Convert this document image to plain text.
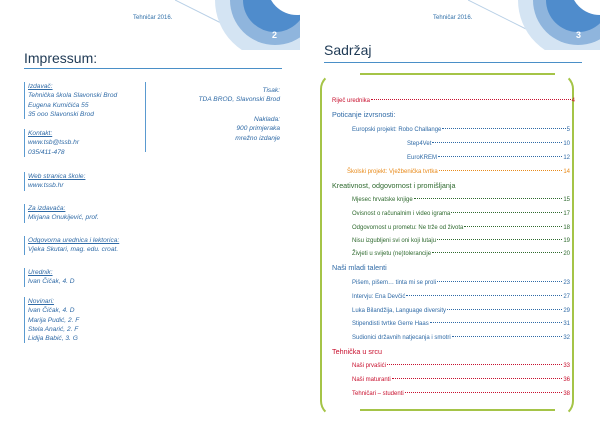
Tehničar 2016.
2
Impressum:
Izdavač:
Tehnička škola Slavonski Brod
Eugena Kumičića 55
35 ooo Slavonski Brod
Kontakt:
www.tsb@tssb.hr
035/411-478
Web stranica škole:
www.tssb.hr
Za izdavača:
Mirjana Onukijević, prof.
Odgovorna urednica i lektorica:
Vjeka Skutari, mag. edu. croat.
Urednik:
Ivan Čičak, 4. D
Novinari:
Ivan Čičak, 4. D
Marija Pudić, 2. F
Stela Anarić, 2. F
Lidija Babić, 3. G
Tisak:
TDA BROD, Slavonski Brod
Naklada:
900 primjeraka
mrežno izdanje
Tehničar 2016.
3
Sadržaj
Riječ urednika	4
Poticanje izvrsnosti:
Europski projekt: Robo Challange	5
Step4Vet	10
EuroKREM	12
Školski projekt: Vježbenička tvrtka	14
Kreativnost, odgovornost i promišljanja
Mjesec hrvatske knjige	15
Ovisnost o računalnim i video igrama	17
Odgovornost u prometu: Ne trže od života	18
Nisu izgubljeni svi oni koji lutaju	19
Živjeti u svijetu (ne)tolerancije	20
Naši mladi talenti
Pišem, pišem… tinta mi se proli	23
Intervju: Ena Devčić	27
Luka Bilandžija, Language diversity	29
Stipendisti tvrtke Gerre Haas	31
Sudionici državnih natjecanja i smotri	32
Tehnička u srcu
Naši prvašići	33
Naši maturanti	36
Tehničari – studenti	38
